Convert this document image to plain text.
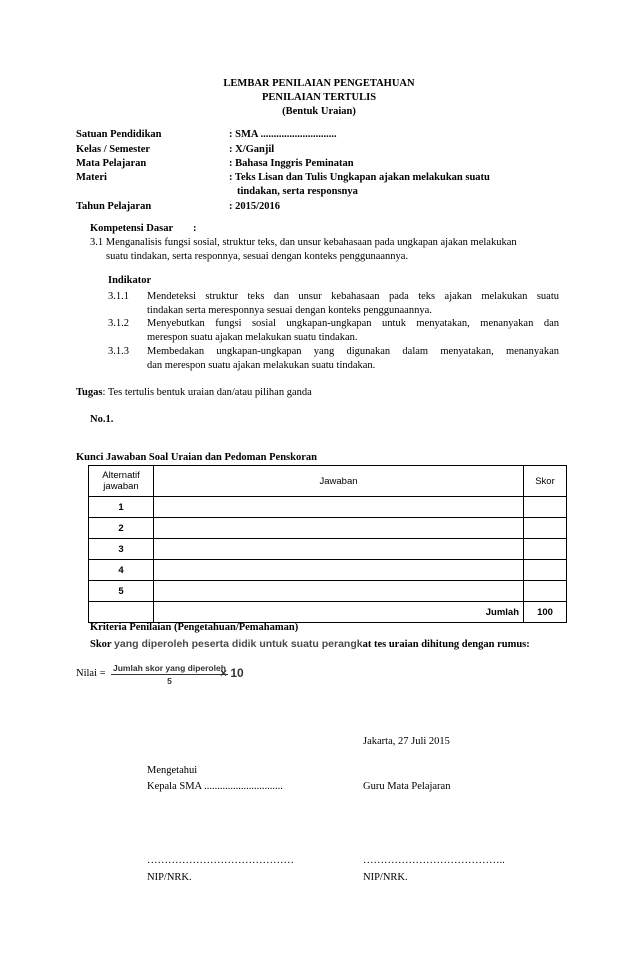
LEMBAR PENILAIAN PENGETAHUAN
PENILAIAN TERTULIS
(Bentuk Uraian)
Satuan Pendidikan	: SMA .............................
Kelas / Semester	: X/Ganjil
Mata Pelajaran	: Bahasa Inggris Peminatan
Materi	: Teks Lisan dan Tulis Ungkapan ajakan melakukan suatu
tindakan, serta responsnya
Tahun Pelajaran	: 2015/2016
Kompetensi Dasar :
3.1 Menganalisis fungsi sosial, struktur teks, dan unsur kebahasaan pada ungkapan ajakan melakukan
suatu tindakan, serta responnya, sesuai dengan konteks penggunaannya.
Indikator
3.1.1 Mendeteksi struktur teks dan unsur kebahasaan pada teks ajakan melakukan suatu
tindakan serta meresponnya sesuai dengan konteks penggunaannya.
3.1.2 Menyebutkan fungsi sosial ungkapan-ungkapan untuk menyatakan, menanyakan dan
merespon suatu ajakan melakukan suatu tindakan.
3.1.3 Membedakan ungkapan-ungkapan yang digunakan dalam menyatakan, menanyakan
dan merespon suatu ajakan melakukan suatu tindakan.
Tugas: Tes tertulis bentuk uraian dan/atau pilihan ganda
No.1.
Kunci Jawaban Soal Uraian dan Pedoman Penskoran
Alternatif
jawaban	Jawaban	Skor
1		
2		
3		
4		
5		
	Jumlah	100
Kriteria Penilaian (Pengetahuan/Pemahaman)
Skor yang diperoleh peserta didik untuk suatu perangkat tes uraian dihitung dengan rumus:
Nilai = Jumlah skor yang diperoleh
5
× 10
Jakarta, 27 Juli 2015
Mengetahui
Kepala SMA ..............................	Guru Mata Pelajaran
……………………………………	…………………………………..
NIP/NRK.	NIP/NRK.
